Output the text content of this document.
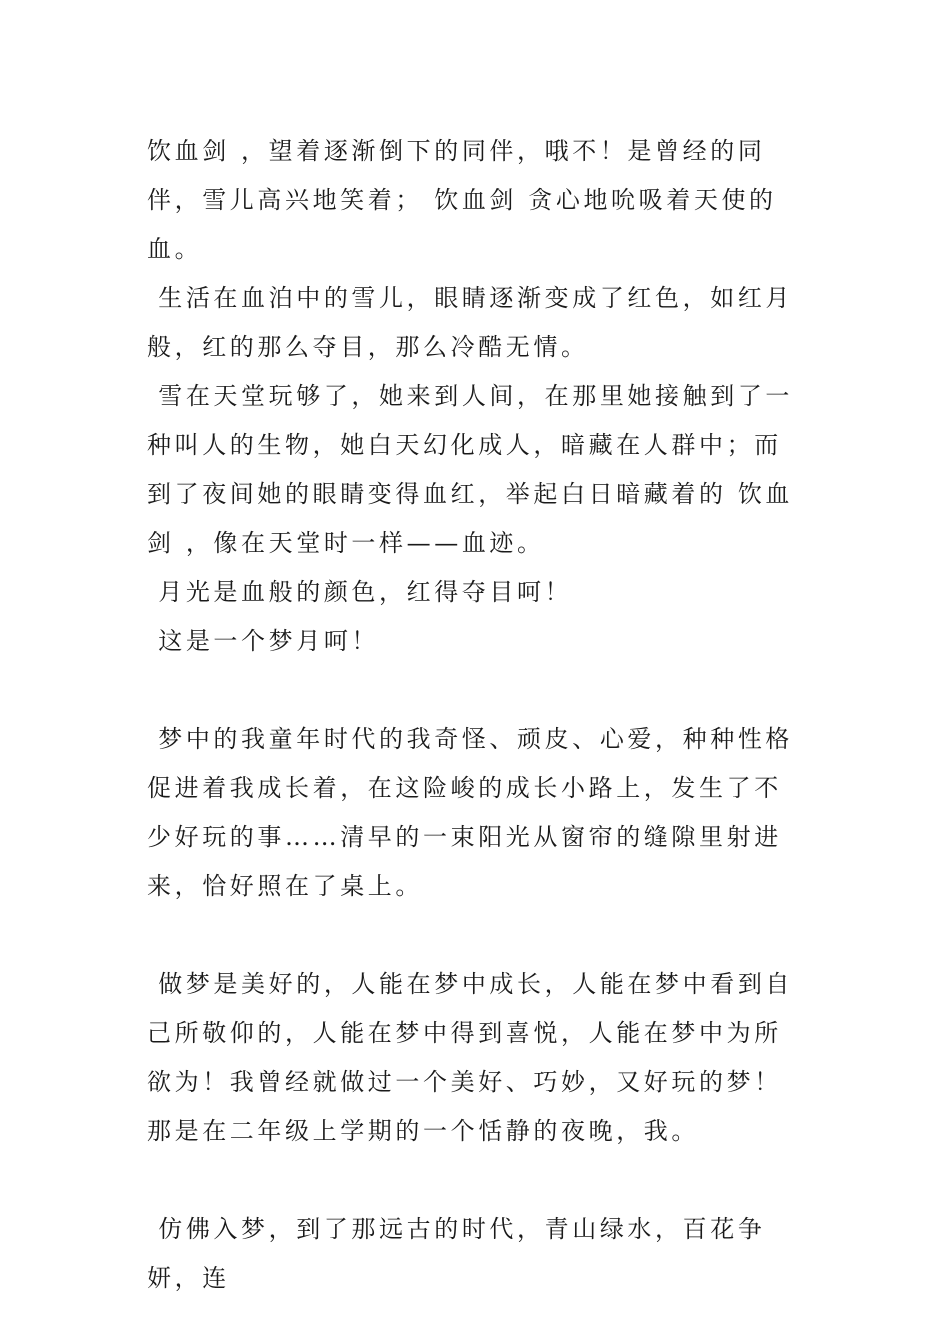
饮血剑 ，望着逐渐倒下的同伴，哦不！是曾经的同伴，雪儿高兴地笑着； 饮血剑 贪心地吮吸着天使的血。

生活在血泊中的雪儿，眼睛逐渐变成了红色，如红月般，红的那么夺目，那么冷酷无情。

雪在天堂玩够了，她来到人间，在那里她接触到了一种叫人的生物，她白天幻化成人，暗藏在人群中；而到了夜间她的眼睛变得血红，举起白日暗藏着的 饮血剑 ，像在天堂时一样——血迹。

月光是血般的颜色，红得夺目呵！

这是一个梦月呵！

梦中的我童年时代的我奇怪、顽皮、心爱，种种性格促进着我成长着，在这险峻的成长小路上，发生了不少好玩的事……清早的一束阳光从窗帘的缝隙里射进来，恰好照在了桌上。

做梦是美好的，人能在梦中成长，人能在梦中看到自己所敬仰的，人能在梦中得到喜悦，人能在梦中为所欲为！我曾经就做过一个美好、巧妙，又好玩的梦！那是在二年级上学期的一个恬静的夜晚，我。

仿佛入梦，到了那远古的时代，青山绿水，百花争妍，连
